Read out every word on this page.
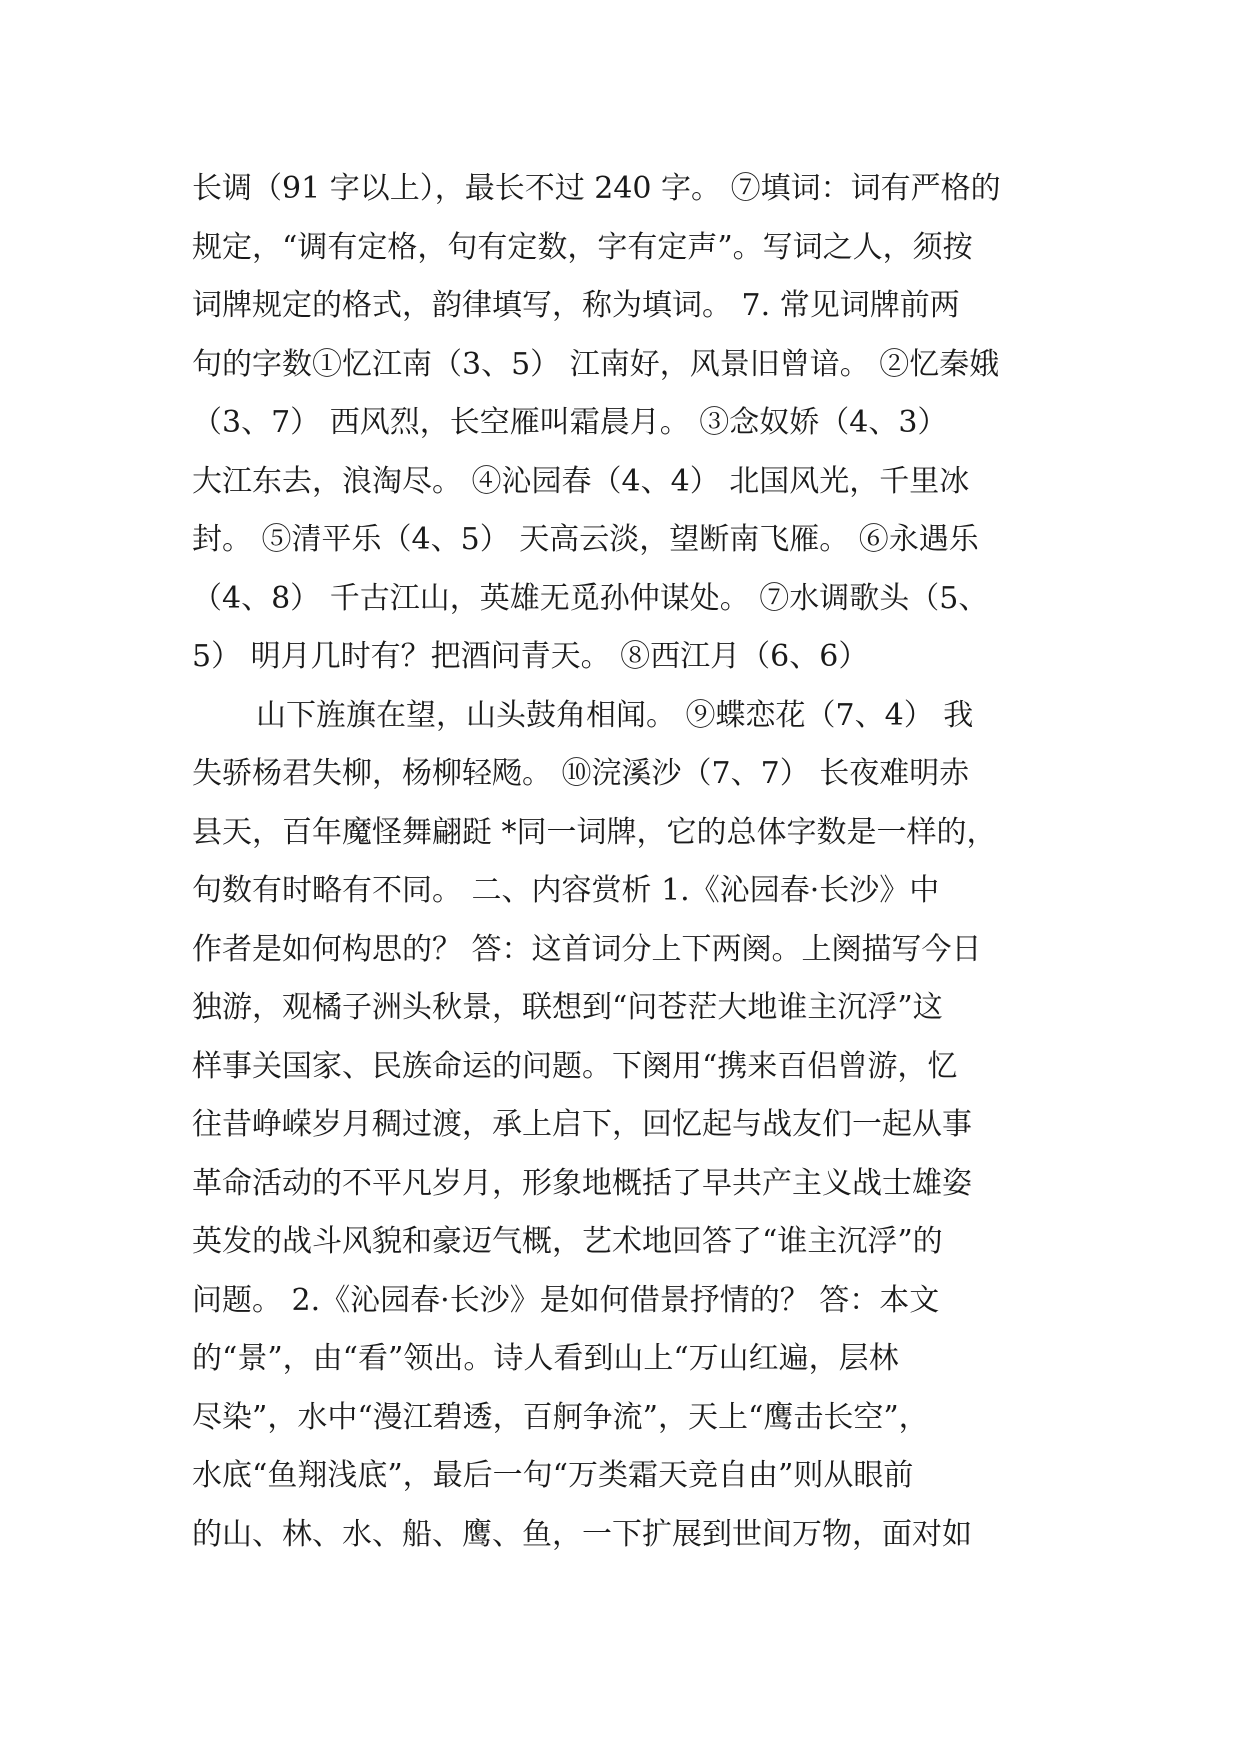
长调（91 字以上），最长不过 240 字。 ⑦填词：词有严格的
规定，“调有定格，句有定数，字有定声”。写词之人，须按
词牌规定的格式，韵律填写，称为填词。 7. 常见词牌前两
句的字数①忆江南（3、5） 江南好，风景旧曾谙。 ②忆秦娥
（3、7） 西风烈，长空雁叫霜晨月。 ③念奴娇（4、3）
大江东去，浪淘尽。 ④沁园春（4、4） 北国风光，千里冰
封。 ⑤清平乐（4、5） 天高云淡，望断南飞雁。 ⑥永遇乐
（4、8） 千古江山，英雄无觅孙仲谋处。 ⑦水调歌头（5、
5） 明月几时有？把酒问青天。 ⑧西江月（6、6）
山下旌旗在望，山头鼓角相闻。 ⑨蝶恋花（7、4） 我
失骄杨君失柳，杨柳轻飏。 ⑩浣溪沙（7、7） 长夜难明赤
县天，百年魔怪舞翩跹 *同一词牌，它的总体字数是一样的，
句数有时略有不同。 二、内容赏析 1.《沁园春·长沙》中
作者是如何构思的？ 答：这首词分上下两阕。上阕描写今日
独游，观橘子洲头秋景，联想到“问苍茫大地谁主沉浮”这
样事关国家、民族命运的问题。下阕用“携来百侣曾游，忆
往昔峥嵘岁月稠过渡，承上启下，回忆起与战友们一起从事
革命活动的不平凡岁月，形象地概括了早共产主义战士雄姿
英发的战斗风貌和豪迈气概，艺术地回答了“谁主沉浮”的
问题。 2.《沁园春·长沙》是如何借景抒情的？ 答：本文
的“景”，由“看”领出。诗人看到山上“万山红遍，层林
尽染”，水中“漫江碧透，百舸争流”，天上“鹰击长空”，
水底“鱼翔浅底”，最后一句“万类霜天竞自由”则从眼前
的山、林、水、船、鹰、鱼，一下扩展到世间万物，面对如
